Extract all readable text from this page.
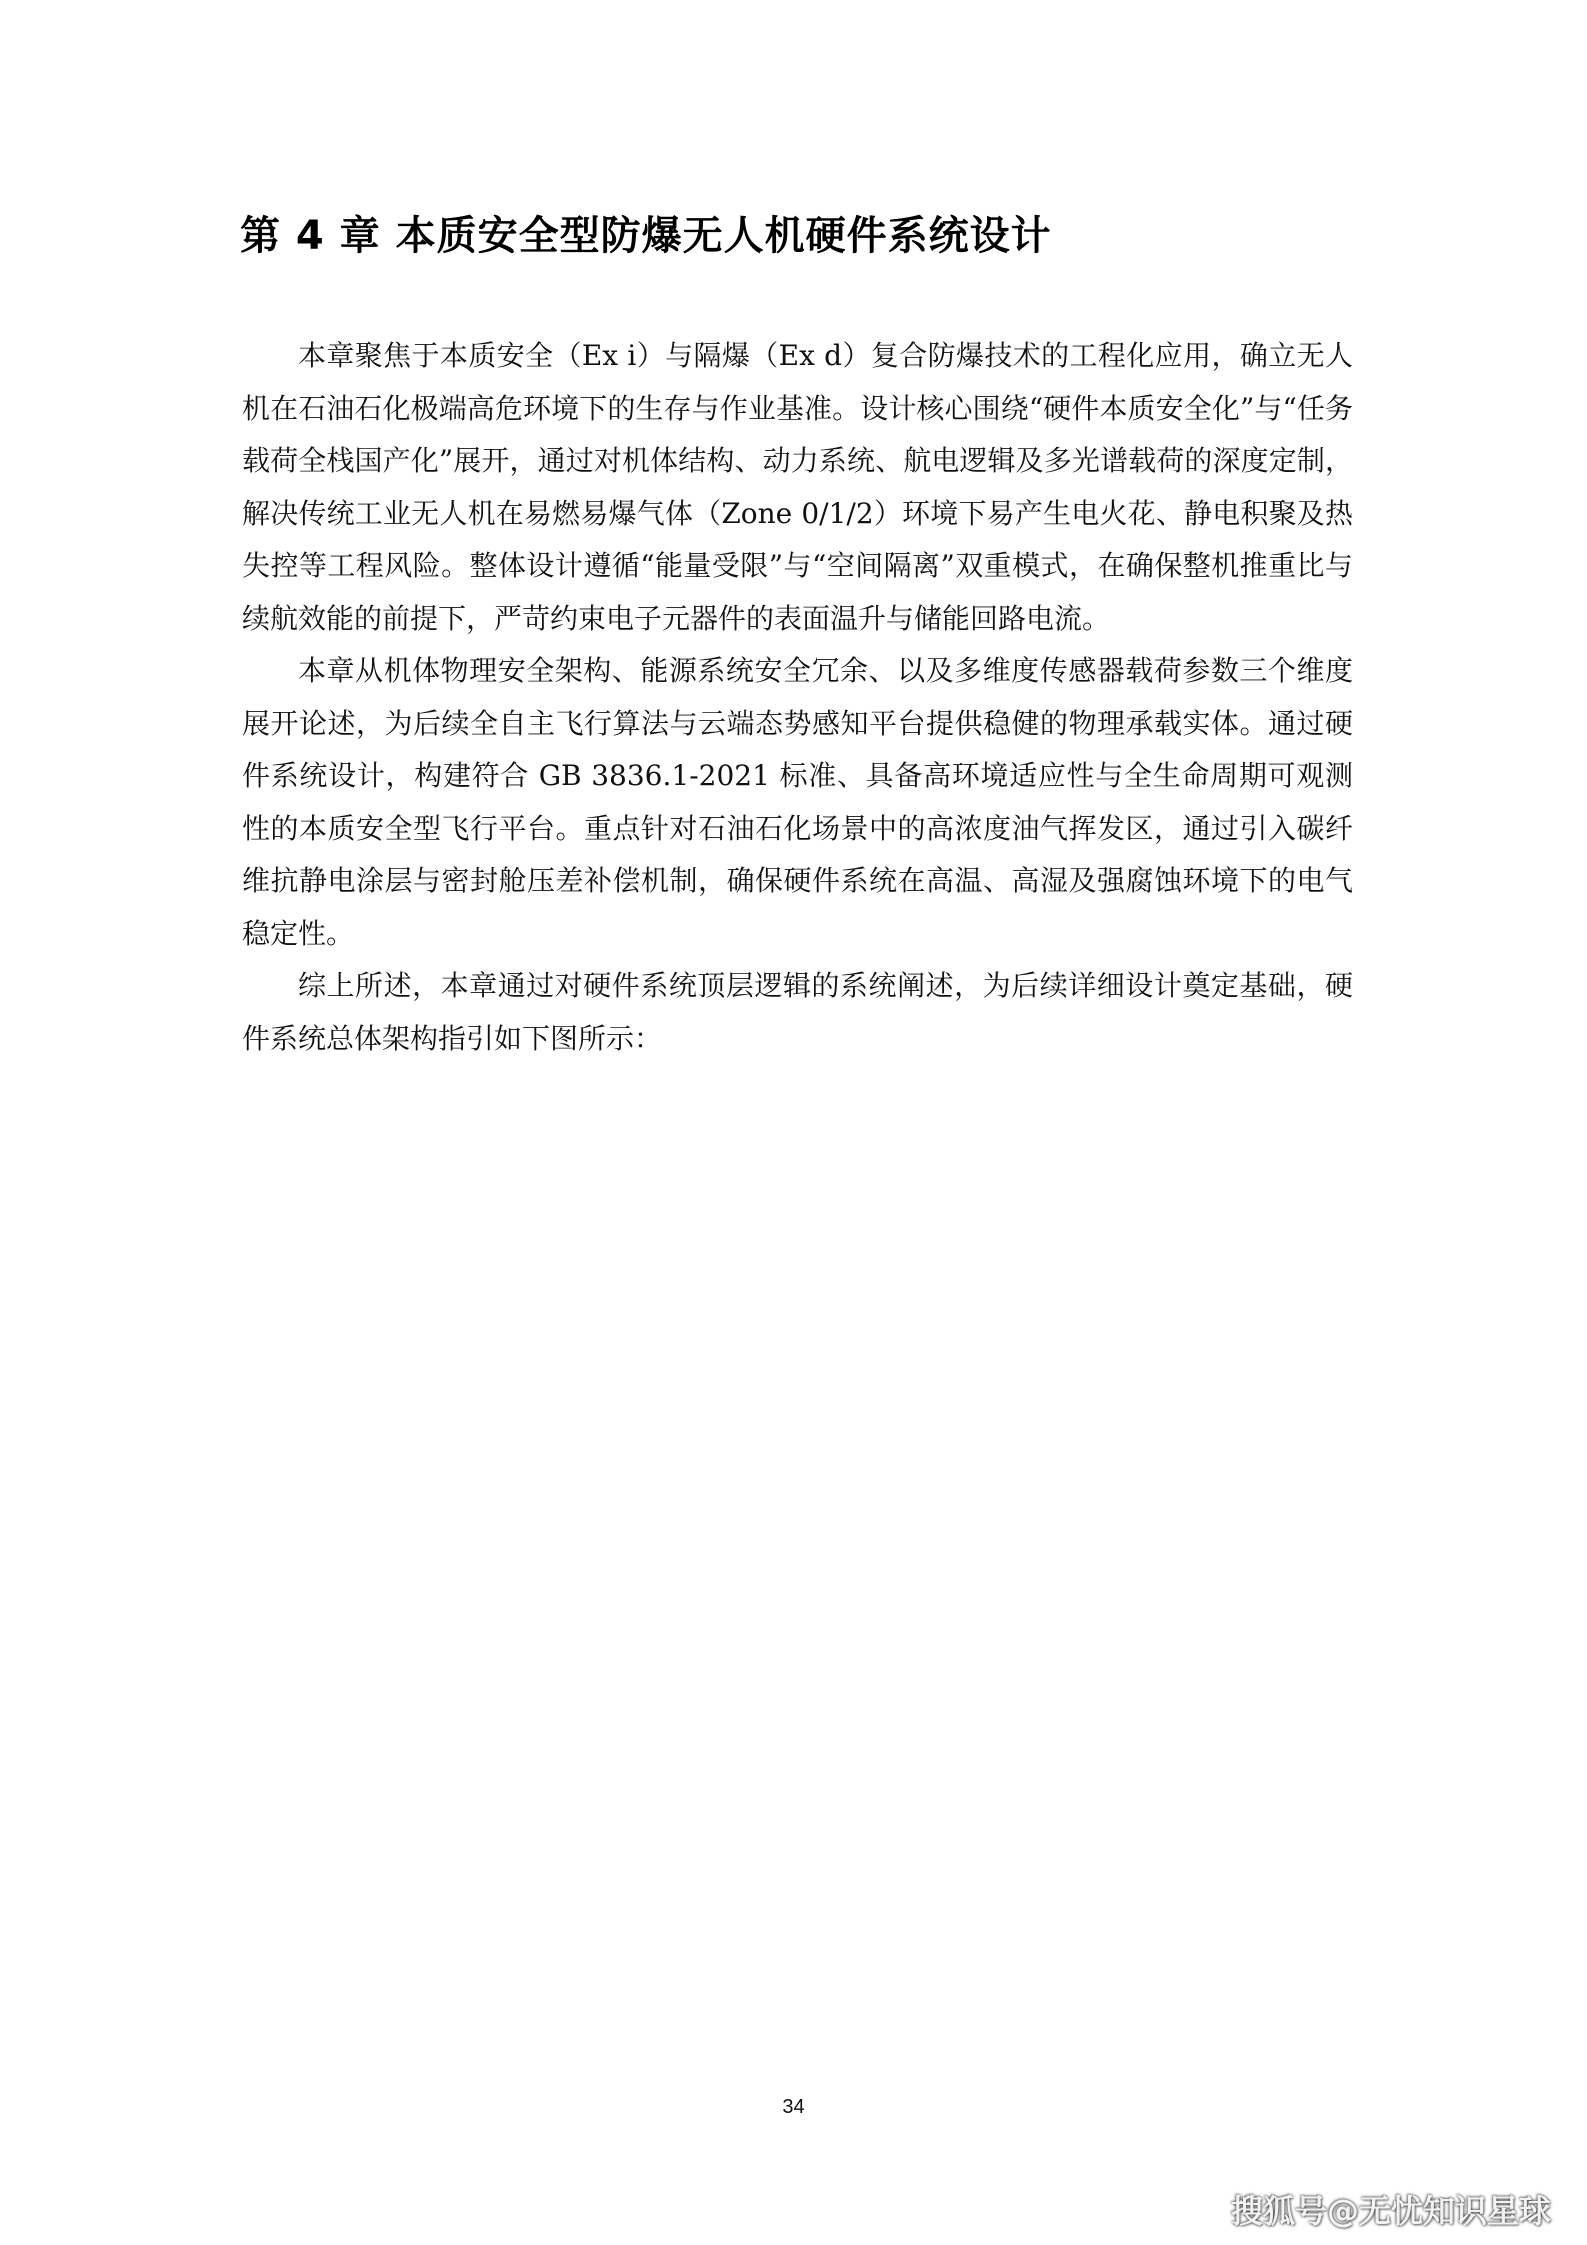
第 4 章 本质安全型防爆无人机硬件系统设计

本章聚焦于本质安全（Ex i）与隔爆（Ex d）复合防爆技术的工程化应用，确立无人机在石油石化极端高危环境下的生存与作业基准。设计核心围绕“硬件本质安全化”与“任务载荷全栈国产化”展开，通过对机体结构、动力系统、航电逻辑及多光谱载荷的深度定制，解决传统工业无人机在易燃易爆气体（Zone 0/1/2）环境下易产生电火花、静电积聚及热失控等工程风险。整体设计遵循“能量受限”与“空间隔离”双重模式，在确保整机推重比与续航效能的前提下，严苛约束电子元器件的表面温升与储能回路电流。

本章从机体物理安全架构、能源系统安全冗余、以及多维度传感器载荷参数三个维度展开论述，为后续全自主飞行算法与云端态势感知平台提供稳健的物理承载实体。通过硬件系统设计，构建符合 GB 3836.1-2021 标准、具备高环境适应性与全生命周期可观测性的本质安全型飞行平台。重点针对石油石化场景中的高浓度油气挥发区，通过引入碳纤维抗静电涂层与密封舱压差补偿机制，确保硬件系统在高温、高湿及强腐蚀环境下的电气稳定性。

综上所述，本章通过对硬件系统顶层逻辑的系统阐述，为后续详细设计奠定基础，硬件系统总体架构指引如下图所示：

34
搜狐号@无忧知识星球
